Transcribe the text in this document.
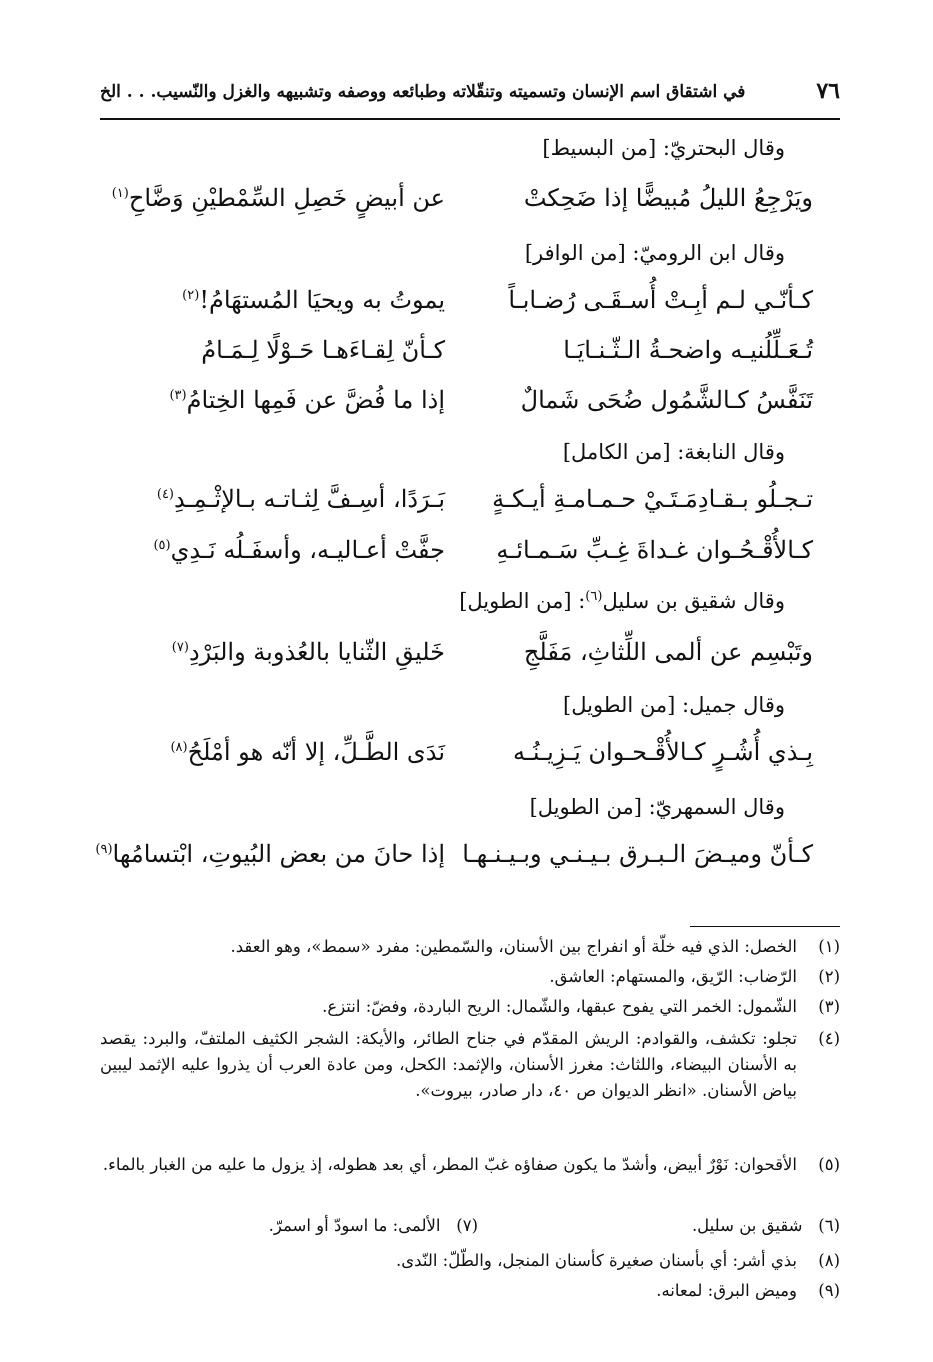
٧٦
في اشتقاق اسم الإنسان وتسميته وتنقّلاته وطبائعه ووصفه وتشبيهه والغزل والنّسيب. . . الخ
وقال البحتريّ: [من البسيط]
ويَرْجِعُ الليلُ مُبيضًّا إذا ضَحِكتْ
عن أبيضٍ خَصِلِ السِّمْطيْنِ وَضَّاحِ$^{(١)}$
وقال ابن الروميّ: [من الوافر]
كـأنّـي لـم أبِـتْ أُسـقَـى رُضـابـاً
يموتُ به ويحيَا المُستهَامُ!$^{(٢)}$
تُـعَـلِّلُنيـه واضحـةُ الـثّـنـايَـا
كـأنّ لِقـاءَهـا حَـوْلًا لِـمَـامُ
تَنَفَّسُ كـالشَّمُول ضُحَى شَمالٌ
إذا ما فُضَّ عن فَمِها الخِتامُ$^{(٣)}$
وقال النابغة: [من الكامل]
تـجـلُو بـقـادِمَـتَـيْ حـمـامـةِ أيـكـةٍ
بَـرَدًا، أسِـفَّ لِثـاتـه بـالإثْـمِـدِ$^{(٤)}$
كـالأُقْـحُـوان غـداةَ غِـبِّ سَـمـائـهِ
جفَّتْ أعـاليـه، وأسفَـلُه نَـدِي$^{(٥)}$
وقال شقيق بن سليل$^{(٦)}$: [من الطويل]
وتَبْسِم عن ألمى اللِّثاثِ، مَفَلَّجِ
خَليقِ الثّنايا بالعُذوبة والبَرْدِ$^{(٧)}$
وقال جميل: [من الطويل]
بِـذي أُشُـرٍ كـالأُقْـحـوان يَـزِيـنُـه
نَدَى الطَّـلِّ، إلا أنّه هو أمْلَحُ$^{(٨)}$
وقال السمهريّ: [من الطويل]
كـأنّ وميـضَ الـبـرق بـيـنـي وبـيـنـهـا
إذا حانَ من بعض البُيوتِ، ابْتسامُها$^{(٩)}$
(١)
الخصل: الذي فيه خلّة أو انفراج بين الأسنان، والسّمطين: مفرد «سمط»، وهو العقد.
(٢)
الرّضاب: الرّيق، والمستهام: العاشق.
(٣)
الشّمول: الخمر التي يفوح عبقها، والشّمال: الريح الباردة، وفضّ: انتزع.
(٤)
تجلو: تكشف، والقوادم: الريش المقدّم في جناح الطائر، والأيكة: الشجر الكثيف الملتفّ، والبرد: يقصد به الأسنان البيضاء، واللثاث: مغرز الأسنان، والإثمد: الكحل، ومن عادة العرب أن يذروا عليه الإثمد ليبين بياض الأسنان. «انظر الديوان ص ٤٠، دار صادر، بيروت».
(٥)
الأقحوان: نَوْرٌ أبيض، وأشدّ ما يكون صفاؤه غبّ المطر، أي بعد هطوله، إذ يزول ما عليه من الغبار بالماء.
(٦)   شقيق بن سليل.
(٧)   الألمى: ما اسودّ أو اسمرّ.
(٨)
بذي أشر: أي بأسنان صغيرة كأسنان المنجل، والطّلّ: النّدى.
(٩)
وميض البرق: لمعانه.
